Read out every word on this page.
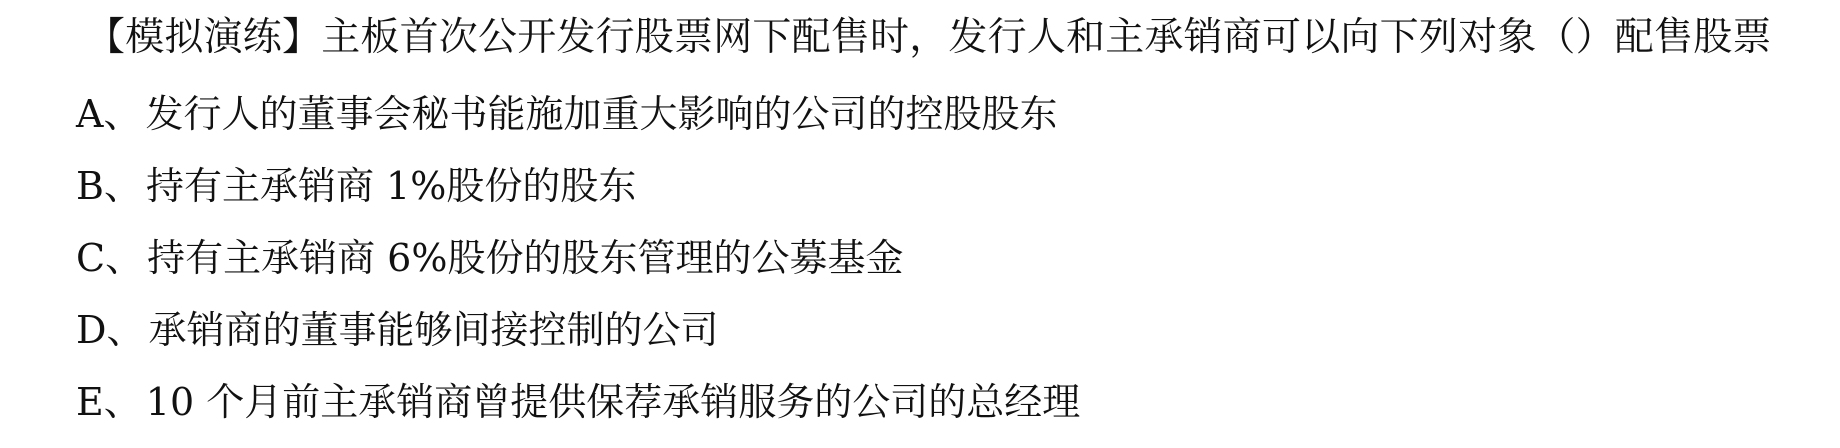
【模拟演练】主板首次公开发行股票网下配售时，发行人和主承销商可以向下列对象（）配售股票
A 、 发行人的董事会秘书能施加重大影响的公司的控股股东
B 、 持有主承销商 1%股份的股东
C 、 持有主承销商 6%股份的股东管理的公募基金
D 、 承销商的董事能够间接控制的公司
E 、 10 个月前主承销商曾提供保荐承销服务的公司的总经理
